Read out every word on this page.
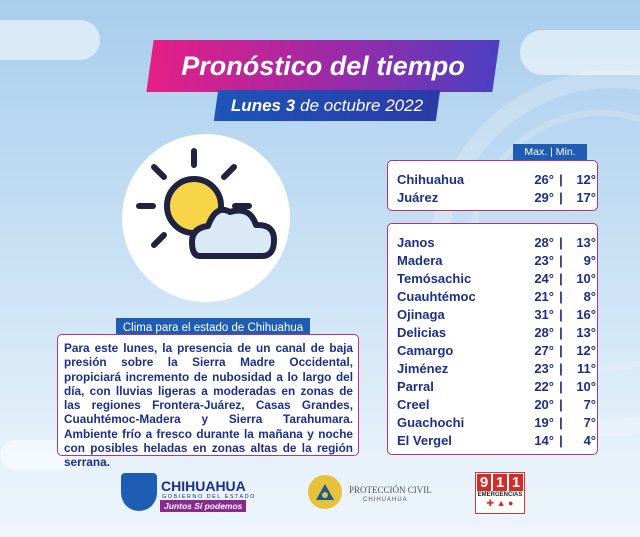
Pronóstico del tiempo
Lunes 3 de octubre 2022
Clima para el estado de Chihuahua

Para este lunes, la presencia de un canal de baja presión sobre la Sierra Madre Occidental, propiciará incremento de nubosidad a lo largo del día, con lluvias ligeras a moderadas en zonas de las regiones Frontera-Juárez, Casas Grandes, Cuauhtémoc-Madera y Sierra Tarahumara. Ambiente frío a fresco durante la mañana y noche con posibles heladas en zonas altas de la región serrana.

Max. | Min.
Chihuahua	26° |	12°
Juárez	29° |	17°
Janos	28° |	13°
Madera	23° |	9°
Temósachic	24° |	10°
Cuauhtémoc	21° |	8°
Ojinaga	31° |	16°
Delicias	28° |	13°
Camargo	27° |	12°
Jiménez	23° |	11°
Parral	22° |	10°
Creel	20° |	7°
Guachochi	19° |	7°
El Vergel	14° |	4°
CHIHUAHUA
GOBIERNO DEL ESTADO
Juntos Sí podemos
PROTECCIÓN CIVIL
CHIHUAHUA
9 1 1
EMERGENCIAS
✚ ▲ ●
